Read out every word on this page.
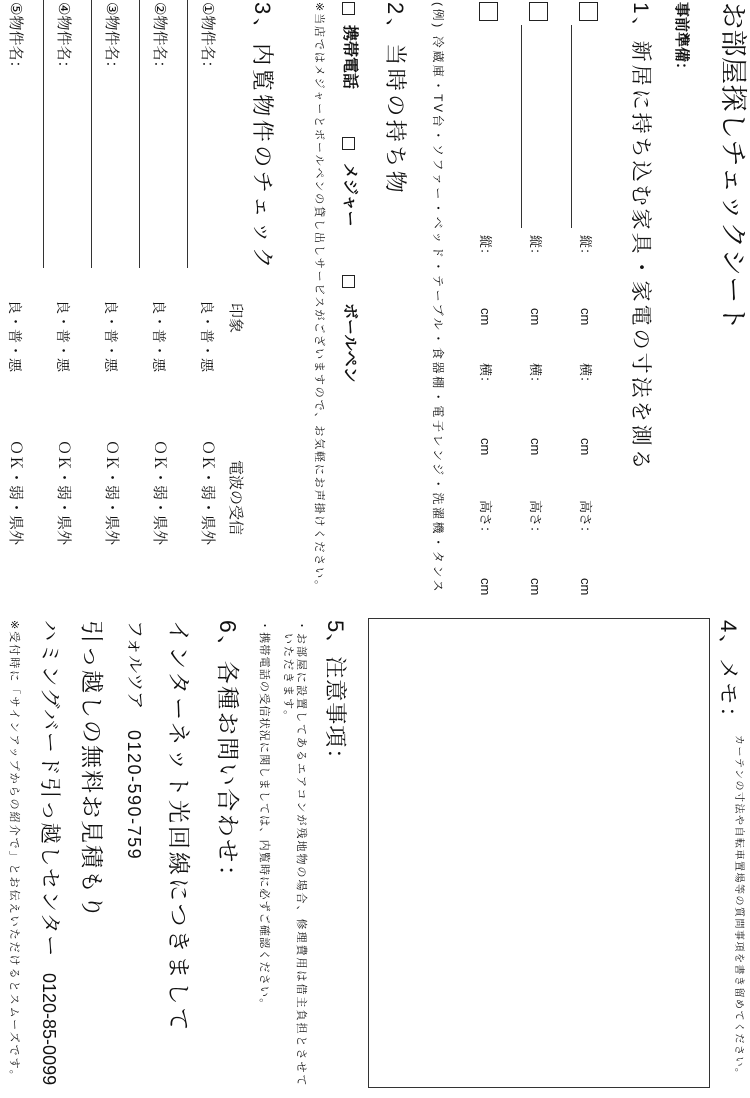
お部屋探しチェックシート
事前準備：
1、新居に持ち込む家具・家電の寸法を測る
縦：
cm
横：
cm
高さ：
cm
縦：
cm
横：
cm
高さ：
cm
縦：
cm
横：
cm
高さ：
cm
(例) 冷蔵庫・TV台・ソファー・ベッド・テーブル・食器棚・電子レンジ・洗濯機・タンス
2、当時の持ち物
携帯電話
メジャー
ボールペン
※当店ではメジャーとボールペンの貸し出しサービスがございますので、お気軽にお声掛けください。
3、内覧物件のチェック
印象
電波の受信
①物件名：
良・普・悪
ＯＫ・弱・県外
②物件名：
良・普・悪
ＯＫ・弱・県外
③物件名：
良・普・悪
ＯＫ・弱・県外
④物件名：
良・普・悪
ＯＫ・弱・県外
⑤物件名：
良・普・悪
ＯＫ・弱・県外
4、メモ：
カーテンの寸法や自転車置場等の質問事項を書き留めてください。
5、注意事項：
・お部屋に設置してあるエアコンが残地物の場合、修理費用は借主負担とさせていただきます。
・携帯電話の受信状況に関しましては、内覧時に必ずご確認ください。
6、各種お問い合わせ：
インターネット光回線につきまして
フォルツア
0120-590-759
引っ越しの無料お見積もり
ハミングバード引っ越しセンター
0120-85-0099
※受付時に「サインアップからの紹介で」とお伝えいただけるとスムーズです。
